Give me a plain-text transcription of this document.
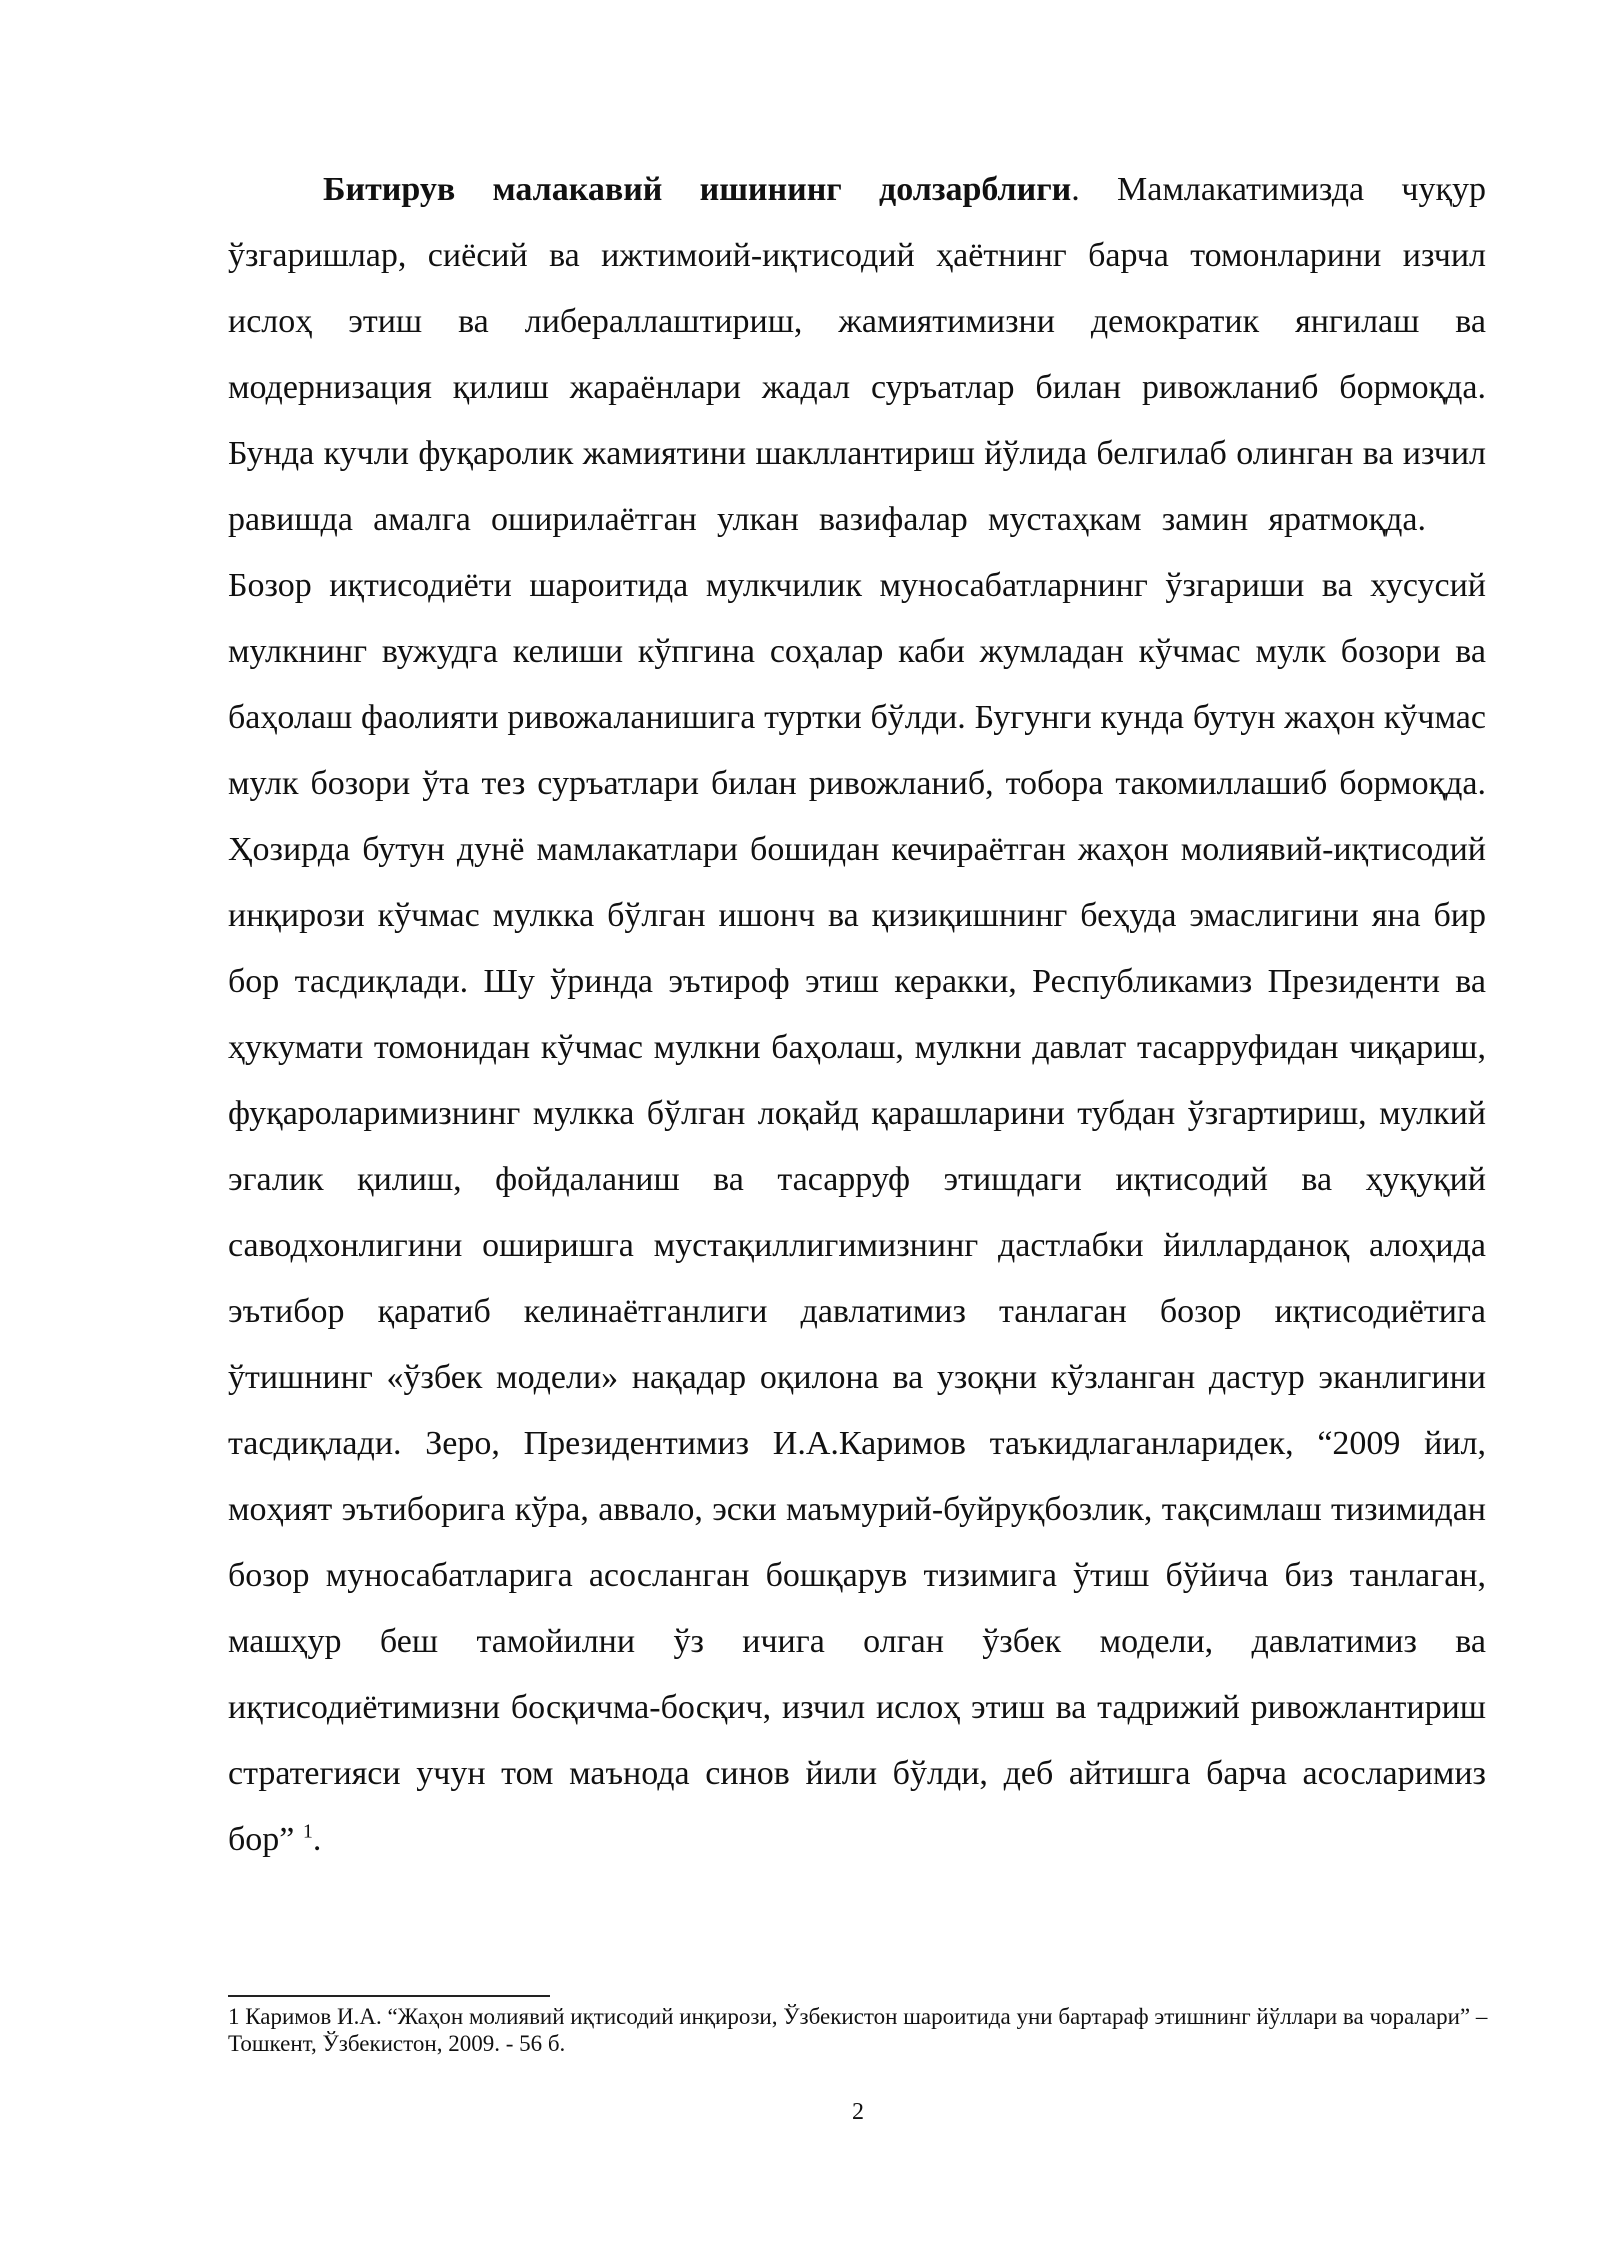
Битирув малакавий ишининг долзарблиги. Мамлакатимизда чуқур ўзгаришлар, сиёсий ва ижтимоий-иқтисодий ҳаётнинг барча томонларини изчил ислоҳ этиш ва либераллаштириш, жамиятимизни демократик янгилаш ва модернизация қилиш жараёнлари жадал суръатлар билан ривожланиб бормоқда. Бунда кучли фуқаролик жамиятини шакллантириш йўлида белгилаб олинган ва изчил равишда амалга оширилаётган улкан вазифалар мустаҳкам замин яратмоқда. Бозор иқтисодиёти шароитида мулкчилик муносабатларнинг ўзгариши ва хусусий мулкнинг вужудга келиши кўпгина соҳалар каби жумладан кўчмас мулк бозори ва баҳолаш фаолияти ривожаланишига туртки бўлди. Бугунги кунда бутун жаҳон кўчмас мулк бозори ўта тез суръатлари билан ривожланиб, тобора такомиллашиб бормоқда. Ҳозирда бутун дунё мамлакатлари бошидан кечираётган жаҳон молиявий-иқтисодий инқирози кўчмас мулкка бўлган ишонч ва қизиқишнинг беҳуда эмаслигини яна бир бор тасдиқлади. Шу ўринда эътироф этиш керакки, Республикамиз Президенти ва ҳукумати томонидан кўчмас мулкни баҳолаш, мулкни давлат тасарруфидан чиқариш, фуқароларимизнинг мулкка бўлган лоқайд қарашларини тубдан ўзгартириш, мулкий эгалик қилиш, фойдаланиш ва тасарруф этишдаги иқтисодий ва ҳуқуқий саводхонлигини оширишга мустақиллигимизнинг дастлабки йилларданоқ алоҳида эътибор қаратиб келинаётганлиги давлатимиз танлаган бозор иқтисодиётига ўтишнинг «ўзбек модели» нақадар оқилона ва узоқни кўзланган дастур эканлигини тасдиқлади. Зеро, Президентимиз И.А.Каримов таъкидлаганларидек, “2009 йил, моҳият эътиборига кўра, аввало, эски маъмурий-буйруқбозлик, тақсимлаш тизимидан бозор муносабатларига асосланган бошқарув тизимига ўтиш бўйича биз танлаган, машҳур беш тамойилни ўз ичига олган ўзбек модели, давлатимиз ва иқтисодиётимизни босқичма-босқич, изчил ислоҳ этиш ва тадрижий ривожлантириш стратегияси учун том маънода синов йили бўлди, деб айтишга барча асосларимиз бор” $^1$.
1 Каримов И.А. “Жаҳон молиявий иқтисодий инқирози, Ўзбекистон шароитида уни бартараф этишнинг йўллари ва чоралари” – Тошкент, Ўзбекистон, 2009. - 56 б.
2
